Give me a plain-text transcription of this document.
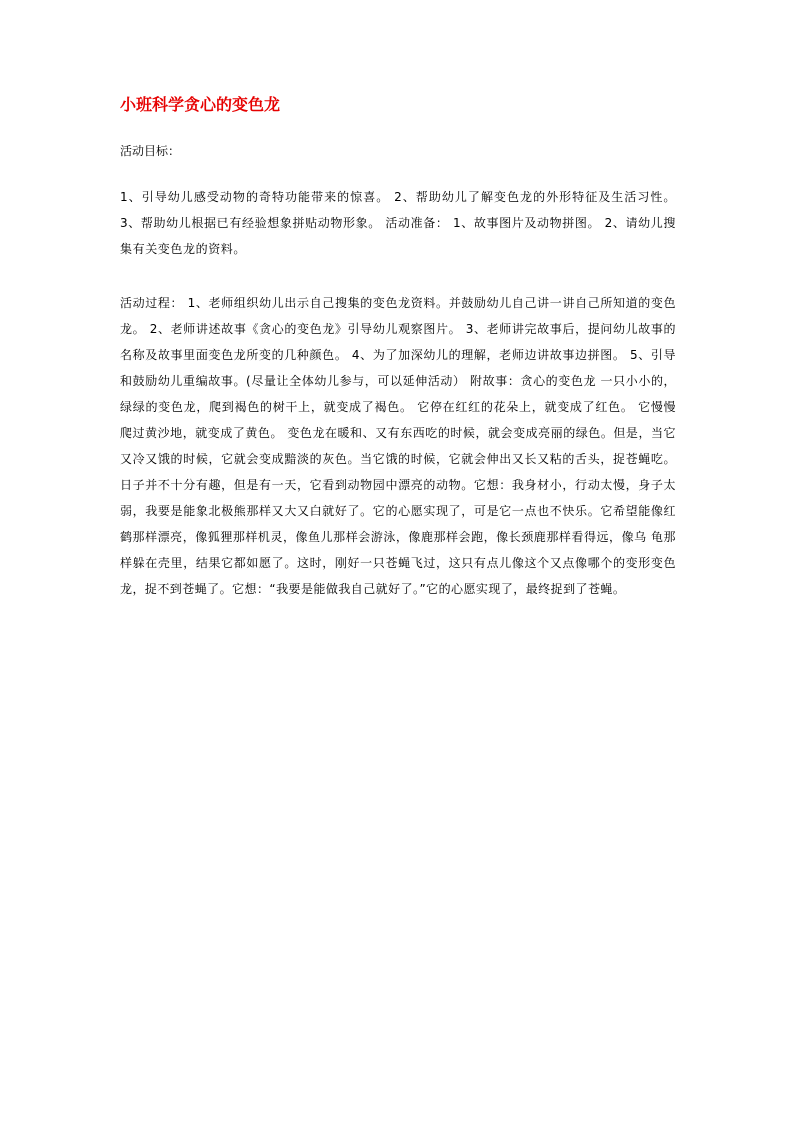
小班科学贪心的变色龙

活动目标：

1、引导幼儿感受动物的奇特功能带来的惊喜。 2、帮助幼儿了解变色龙的外形特征及生活习性。 3、帮助幼儿根据已有经验想象拼贴动物形象。 活动准备： 1、故事图片及动物拼图。 2、请幼儿搜集有关变色龙的资料。

活动过程： 1、老师组织幼儿出示自己搜集的变色龙资料。并鼓励幼儿自己讲一讲自己所知道的变色龙。 2、老师讲述故事《贪心的变色龙》引导幼儿观察图片。 3、老师讲完故事后，提问幼儿故事的名称及故事里面变色龙所变的几种颜色。 4、为了加深幼儿的理解，老师边讲故事边拼图。 5、引导和鼓励幼儿重编故事。(尽量让全体幼儿参与，可以延伸活动） 附故事：贪心的变色龙 一只小小的，绿绿的变色龙，爬到褐色的树干上，就变成了褐色。 它停在红红的花朵上，就变成了红色。 它慢慢爬过黄沙地，就变成了黄色。 变色龙在暖和、又有东西吃的时候，就会变成亮丽的绿色。但是，当它又冷又饿的时候，它就会变成黯淡的灰色。当它饿的时候，它就会伸出又长又粘的舌头，捉苍蝇吃。 日子并不十分有趣，但是有一天，它看到动物园中漂亮的动物。它想：我身材小，行动太慢，身子太弱，我要是能象北极熊那样又大又白就好了。它的心愿实现了，可是它一点也不快乐。它希望能像红鹤那样漂亮，像狐狸那样机灵，像鱼儿那样会游泳，像鹿那样会跑，像长颈鹿那样看得远，像乌 龟那样躲在壳里，结果它都如愿了。这时，刚好一只苍蝇飞过，这只有点儿像这个又点像哪个的变形变色龙，捉不到苍蝇了。它想：“我要是能做我自己就好了。”它的心愿实现了，最终捉到了苍蝇。
